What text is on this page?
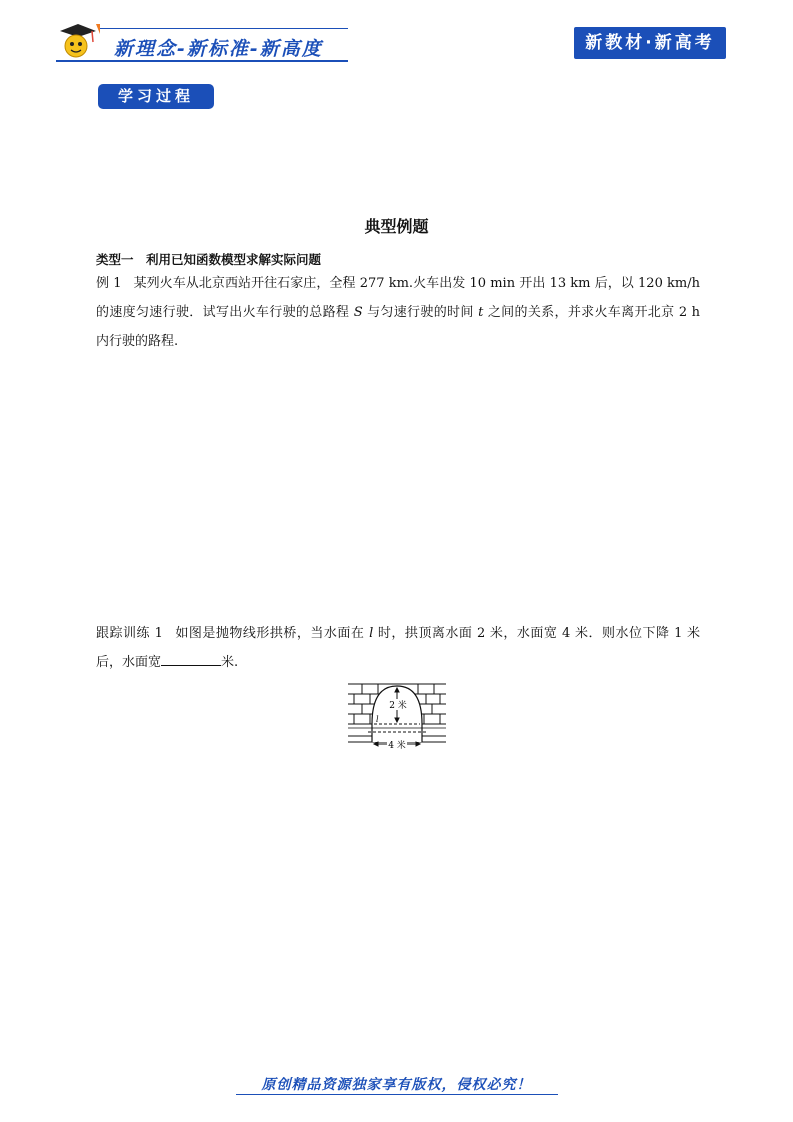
新理念-新标准-新高度	新教材·新高考
学习过程
典型例题
类型一　利用已知函数模型求解实际问题
例 1 某列火车从北京西站开往石家庄，全程 277 km.火车出发 10 min 开出 13 km 后，以 120 km/h 的速度匀速行驶．试写出火车行驶的总路程 S 与匀速行驶的时间 t 之间的关系，并求火车离开北京 2 h 内行驶的路程.
跟踪训练 1 如图是抛物线形拱桥，当水面在 l 时，拱顶离水面 2 米，水面宽 4 米．则水位下降 1 米后，水面宽	米.
2 米
4 米
l
原创精品资源独家享有版权，侵权必究！
